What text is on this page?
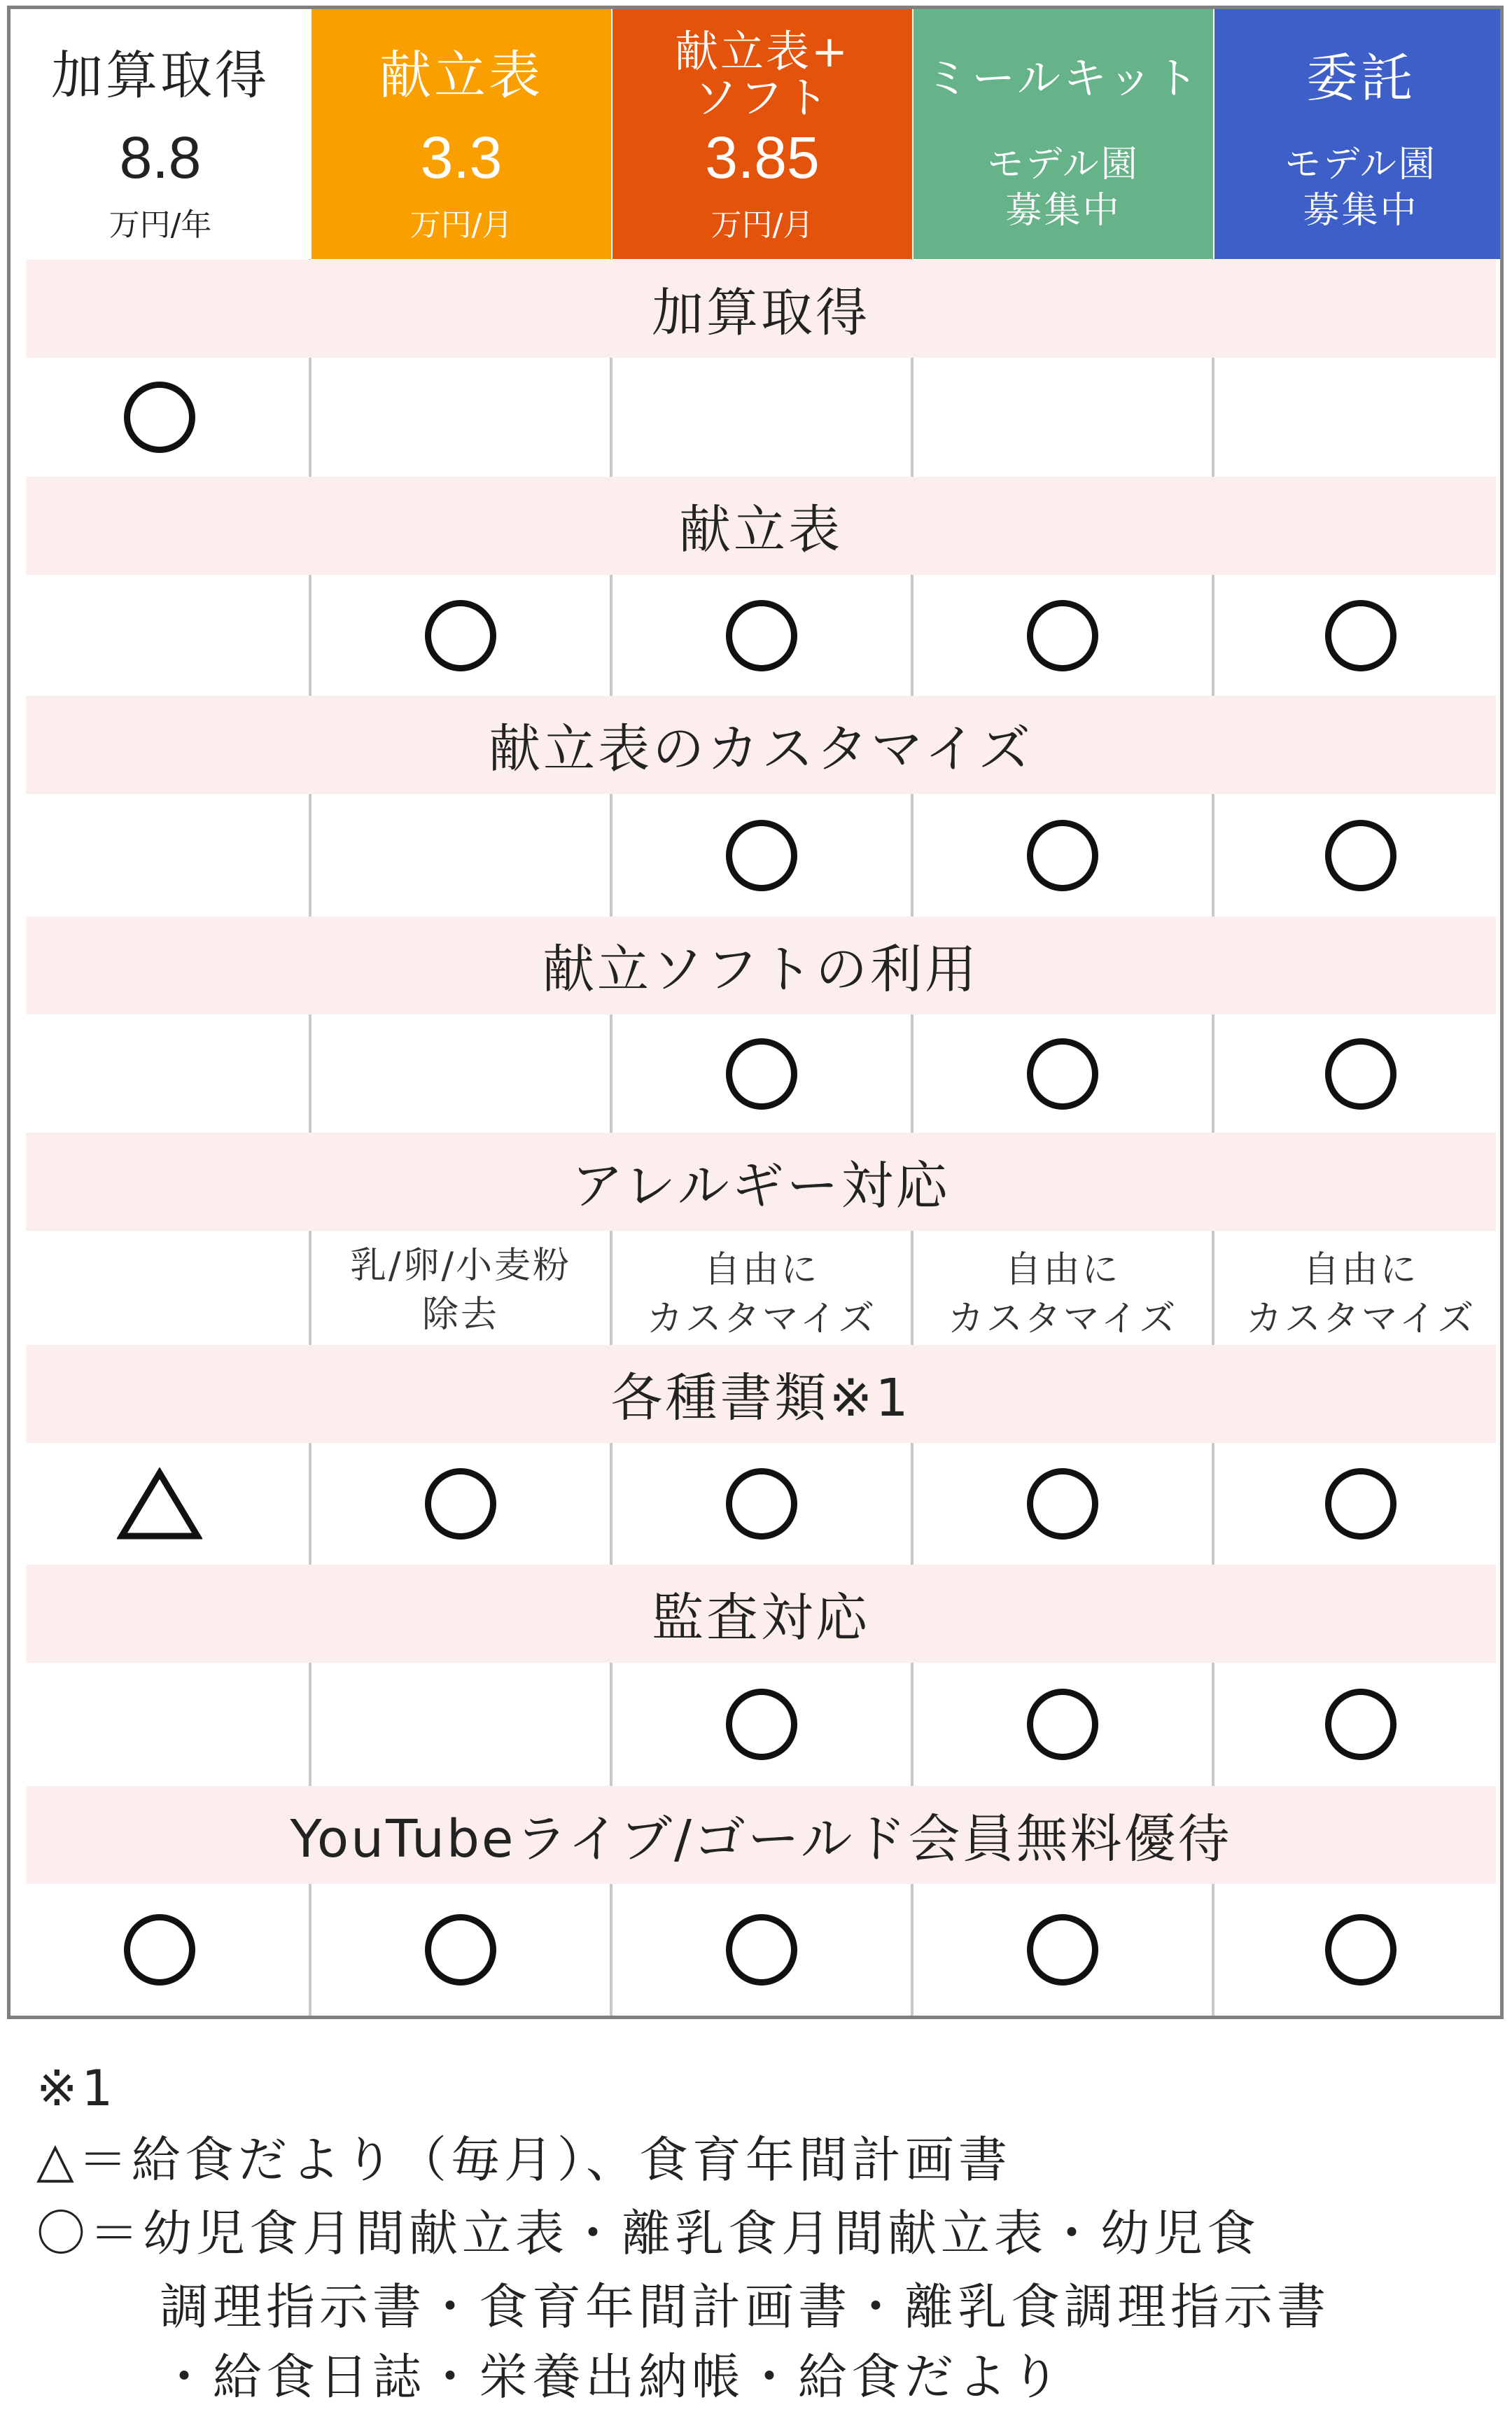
加算取得
8.8
万円/年
献立表
3.3
万円/月
献立表+
ソフト
3.85
万円/月
ミールキット
モデル園
募集中
委託
モデル園
募集中
加算取得
献立表
献立表のカスタマイズ
献立ソフトの利用
アレルギー対応
各種書類※1
監査対応
YouTubeライブ/ゴールド会員無料優待
乳/卵/小麦粉
除去
自由に
カスタマイズ
自由に
カスタマイズ
自由に
カスタマイズ
※1
△＝給食だより（毎月）、食育年間計画書
〇＝幼児食月間献立表・離乳食月間献立表・幼児食
調理指示書・食育年間計画書・離乳食調理指示書
・給食日誌・栄養出納帳・給食だより
